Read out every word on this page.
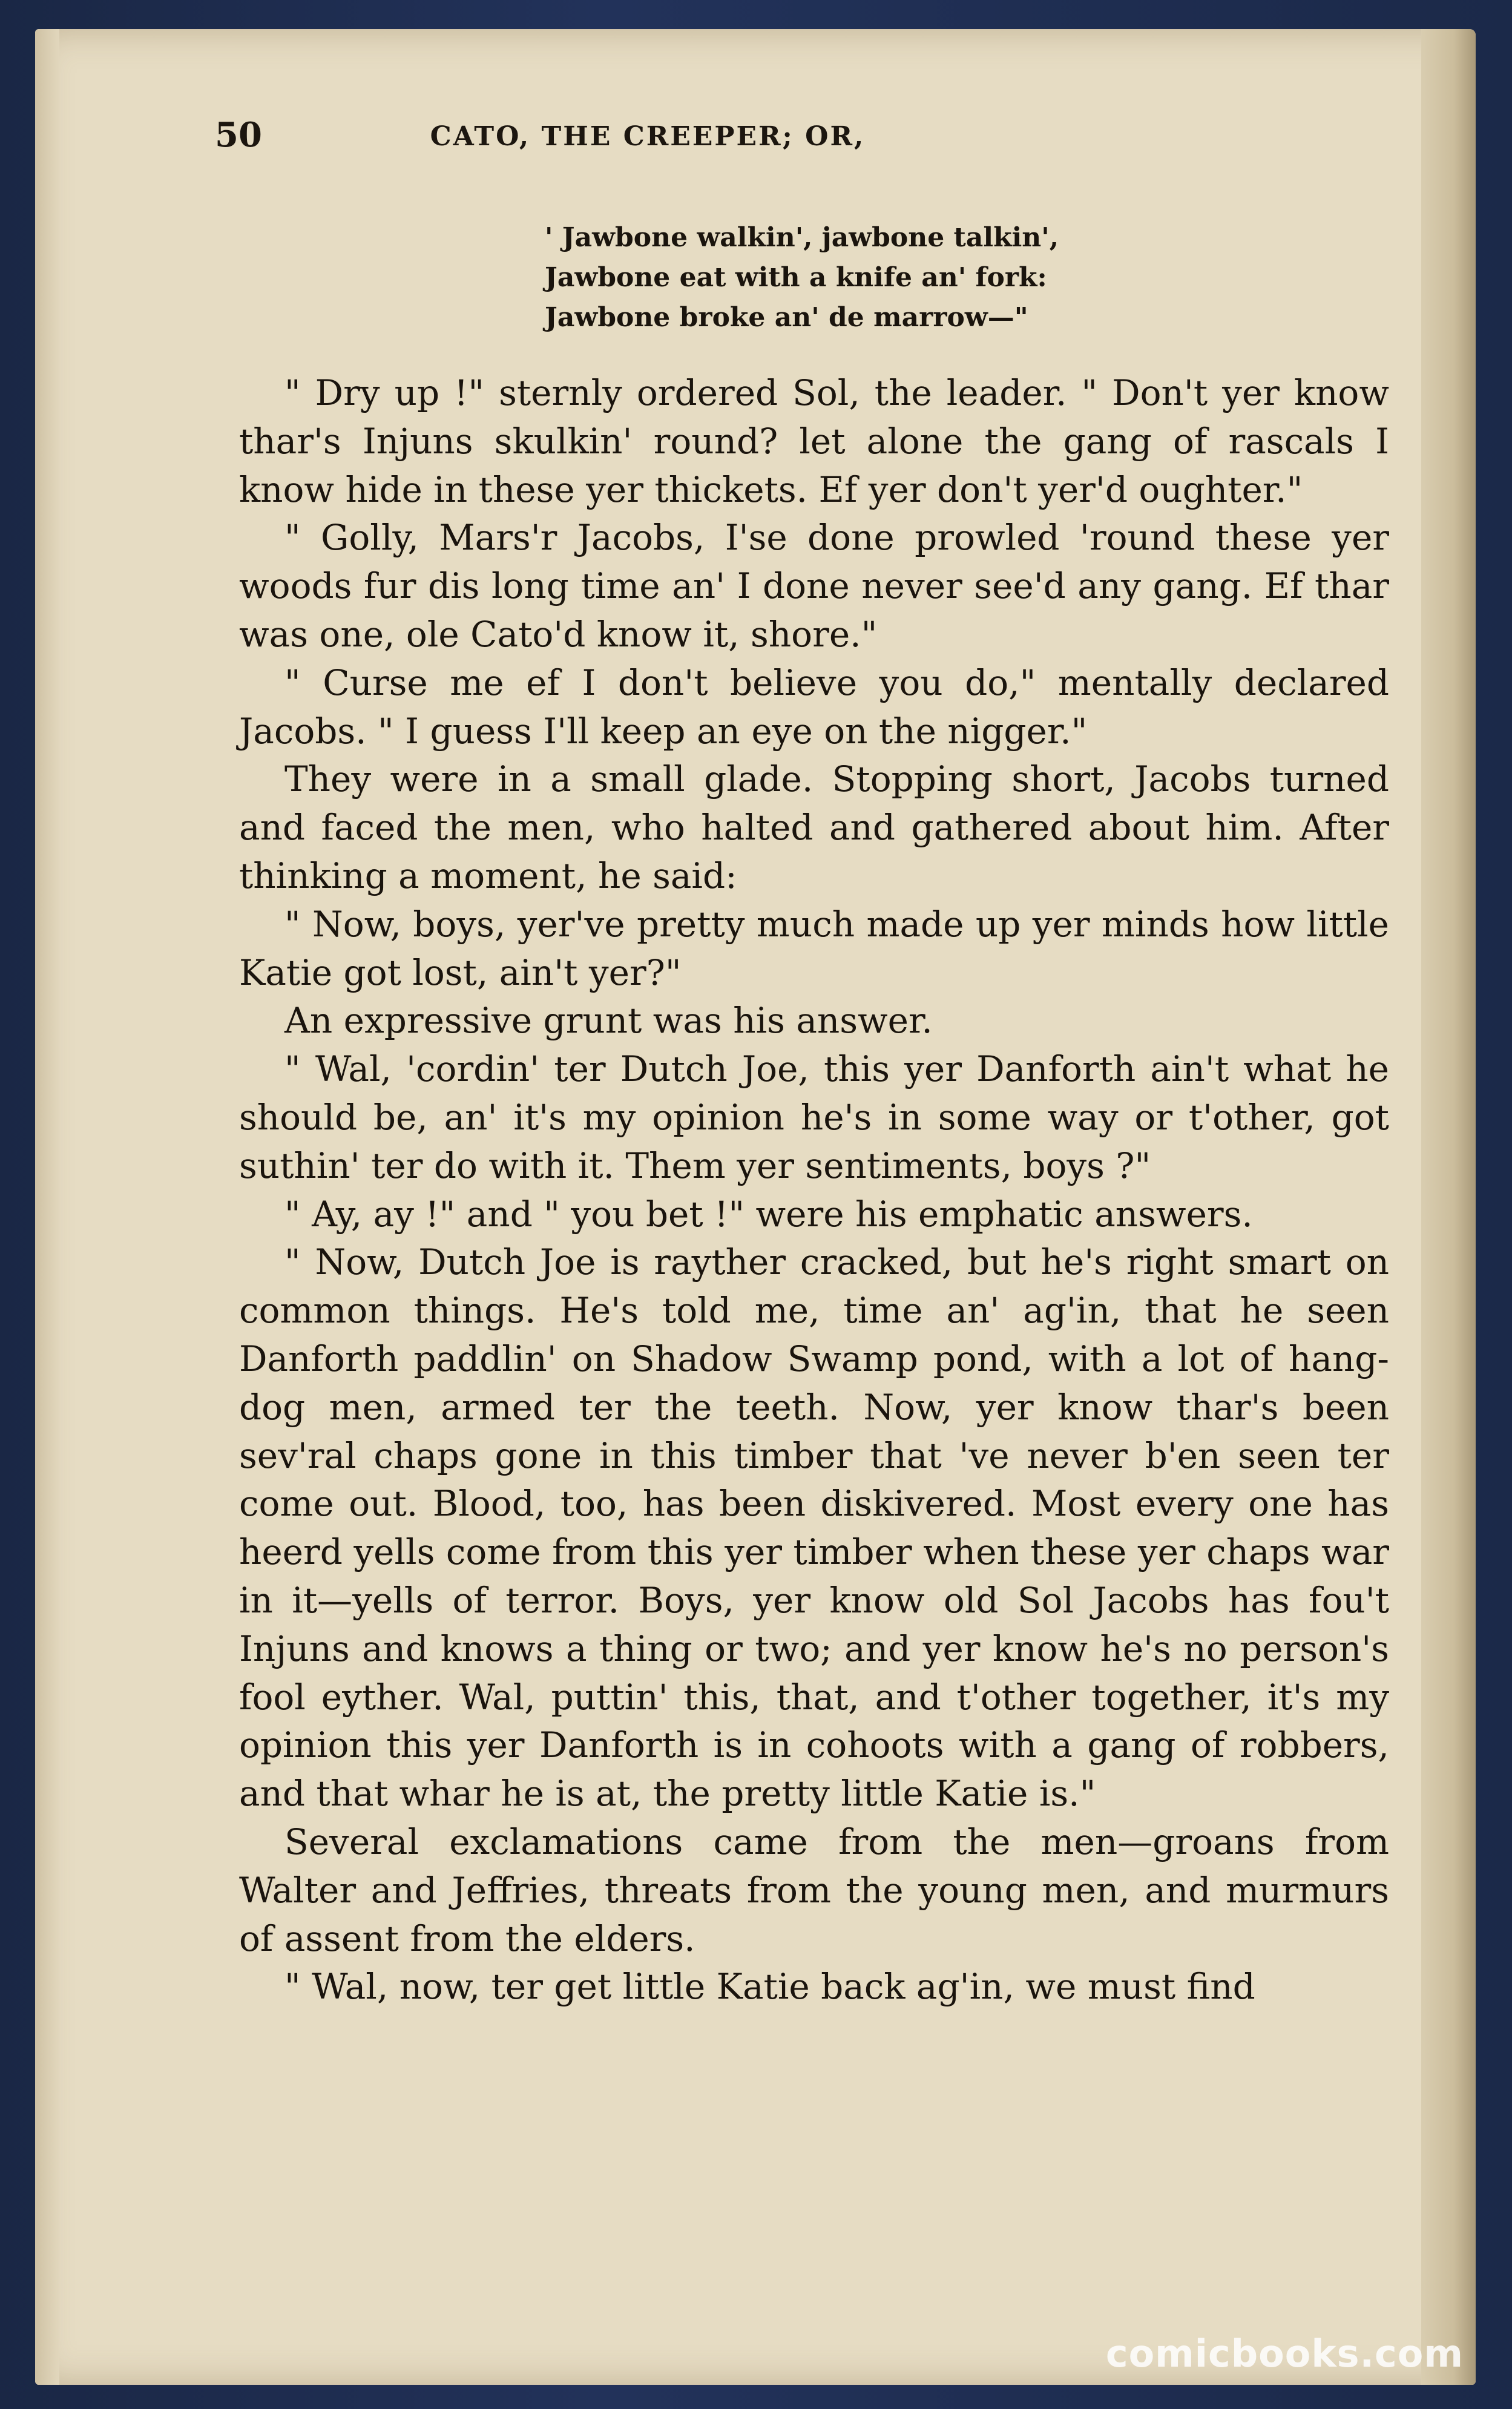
50	CATO, THE CREEPER; OR,
' Jawbone walkin', jawbone talkin',
Jawbone eat with a knife an' fork:
Jawbone broke an' de marrow—"

" Dry up !" sternly ordered Sol, the leader. " Don't yer know thar's Injuns skulkin' round? let alone the gang of rascals I know hide in these yer thickets. Ef yer don't yer'd oughter."

" Golly, Mars'r Jacobs, I'se done prowled 'round these yer woods fur dis long time an' I done never see'd any gang. Ef thar was one, ole Cato'd know it, shore."

" Curse me ef I don't believe you do," mentally declared Jacobs. " I guess I'll keep an eye on the nigger."

They were in a small glade. Stopping short, Jacobs turned and faced the men, who halted and gathered about him. After thinking a moment, he said:

" Now, boys, yer've pretty much made up yer minds how little Katie got lost, ain't yer?"

An expressive grunt was his answer.

" Wal, 'cordin' ter Dutch Joe, this yer Danforth ain't what he should be, an' it's my opinion he's in some way or t'other, got suthin' ter do with it. Them yer sentiments, boys ?"

" Ay, ay !" and " you bet !" were his emphatic answers.

" Now, Dutch Joe is rayther cracked, but he's right smart on common things. He's told me, time an' ag'in, that he seen Danforth paddlin' on Shadow Swamp pond, with a lot of hang-dog men, armed ter the teeth. Now, yer know thar's been sev'ral chaps gone in this timber that 've never b'en seen ter come out. Blood, too, has been diskivered. Most every one has heerd yells come from this yer timber when these yer chaps war in it—yells of terror. Boys, yer know old Sol Jacobs has fou't Injuns and knows a thing or two; and yer know he's no person's fool eyther. Wal, puttin' this, that, and t'other together, it's my opinion this yer Danforth is in cohoots with a gang of robbers, and that whar he is at, the pretty little Katie is."

Several exclamations came from the men—groans from Walter and Jeffries, threats from the young men, and murmurs of assent from the elders.

" Wal, now, ter get little Katie back ag'in, we must find

comicbooks.com
